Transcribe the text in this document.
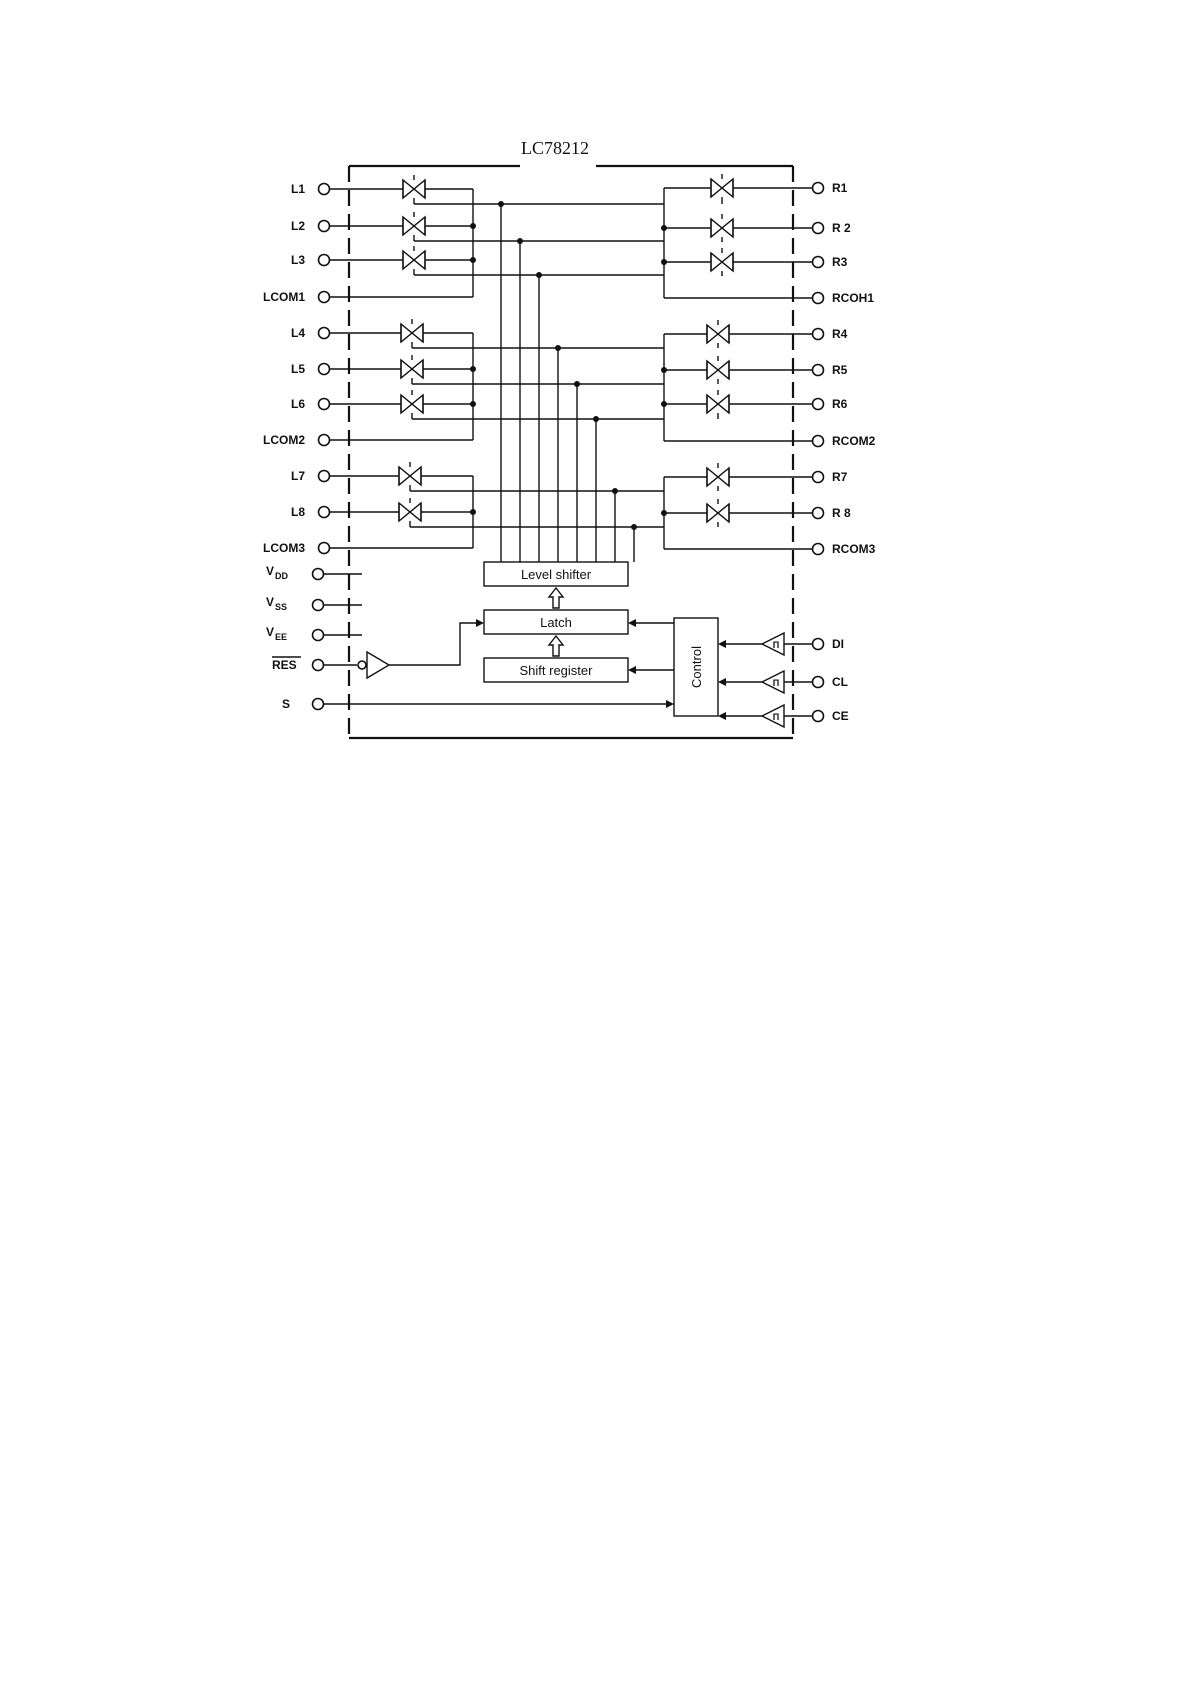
LC78212
L1
L2
L3
LCOM1
L4
L5
L6
LCOM2
L7
L8
LCOM3
R1
R 2
R3
RCOH1
R4
R5
R6
RCOM2
R7
R 8
RCOM3
Level shifter
Latch
Shift register	Control
V DD
V SS
V EE
RES
S
DI
Π
CL
Π
CE
Π
